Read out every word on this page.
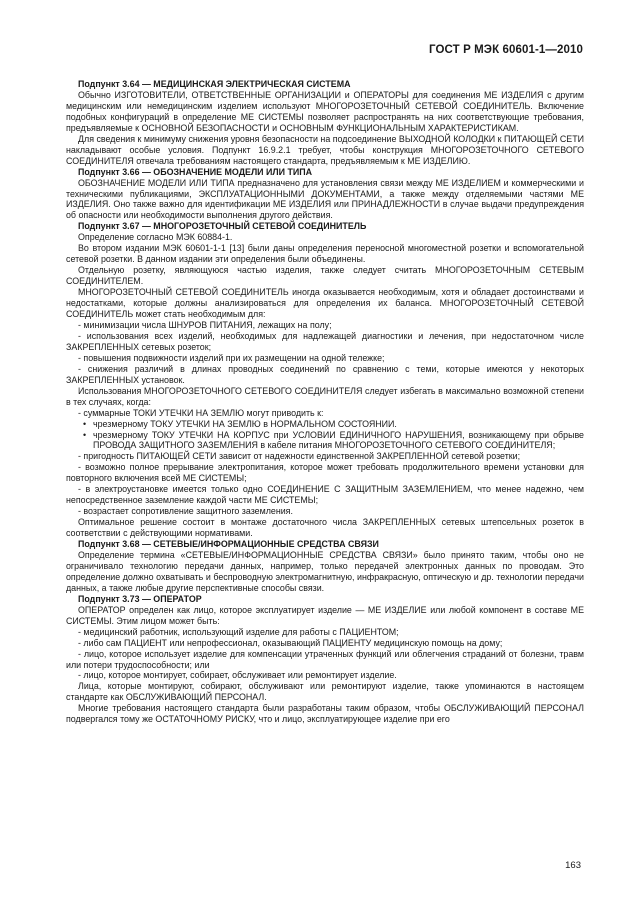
ГОСТ Р МЭК 60601-1—2010

Подпункт 3.64 — МЕДИЦИНСКАЯ ЭЛЕКТРИЧЕСКАЯ СИСТЕМА

Обычно ИЗГОТОВИТЕЛИ, ОТВЕТСТВЕННЫЕ ОРГАНИЗАЦИИ и ОПЕРАТОРЫ для соединения МЕ ИЗДЕЛИЯ с другим медицинским или немедицинским изделием используют МНОГОРОЗЕТОЧНЫЙ СЕТЕВОЙ СОЕДИНИТЕЛЬ. Включение подобных конфигураций в определение МЕ СИСТЕМЫ позволяет распространять на них соответствующие требования, предъявляемые к ОСНОВНОЙ БЕЗОПАСНОСТИ и ОСНОВНЫМ ФУНКЦИОНАЛЬНЫМ ХАРАКТЕРИСТИКАМ.

Для сведения к минимуму снижения уровня безопасности на подсоединение ВЫХОДНОЙ КОЛОДКИ к ПИТАЮЩЕЙ СЕТИ накладывают особые условия. Подпункт 16.9.2.1 требует, чтобы конструкция МНОГОРОЗЕТОЧНОГО СЕТЕВОГО СОЕДИНИТЕЛЯ отвечала требованиям настоящего стандарта, предъявляемым к МЕ ИЗДЕЛИЮ.

Подпункт 3.66 — ОБОЗНАЧЕНИЕ МОДЕЛИ ИЛИ ТИПА

ОБОЗНАЧЕНИЕ МОДЕЛИ ИЛИ ТИПА предназначено для установления связи между МЕ ИЗДЕЛИЕМ и коммерческими и техническими публикациями, ЭКСПЛУАТАЦИОННЫМИ ДОКУМЕНТАМИ, а также между отделяемыми частями МЕ ИЗДЕЛИЯ. Оно также важно для идентификации МЕ ИЗДЕЛИЯ или ПРИНАДЛЕЖНОСТИ в случае выдачи предупреждения об опасности или необходимости выполнения другого действия.

Подпункт 3.67 — МНОГОРОЗЕТОЧНЫЙ СЕТЕВОЙ СОЕДИНИТЕЛЬ

Определение согласно МЭК 60884-1.

Во втором издании МЭК 60601-1-1 [13] были даны определения переносной многоместной розетки и вспомогательной сетевой розетки. В данном издании эти определения были объединены.

Отдельную розетку, являющуюся частью изделия, также следует считать МНОГОРОЗЕТОЧНЫМ СЕТЕВЫМ СОЕДИНИТЕЛЕМ.

МНОГОРОЗЕТОЧНЫЙ СЕТЕВОЙ СОЕДИНИТЕЛЬ иногда оказывается необходимым, хотя и обладает достоинствами и недостатками, которые должны анализироваться для определения их баланса. МНОГОРОЗЕТОЧНЫЙ СЕТЕВОЙ СОЕДИНИТЕЛЬ может стать необходимым для:

- минимизации числа ШНУРОВ ПИТАНИЯ, лежащих на полу;

- использования всех изделий, необходимых для надлежащей диагностики и лечения, при недостаточном числе ЗАКРЕПЛЕННЫХ сетевых розеток;

- повышения подвижности изделий при их размещении на одной тележке;

- снижения различий в длинах проводных соединений по сравнению с теми, которые имеются у некоторых ЗАКРЕПЛЕННЫХ установок.

Использования МНОГОРОЗЕТОЧНОГО СЕТЕВОГО СОЕДИНИТЕЛЯ следует избегать в максимально возможной степени в тех случаях, когда:

- суммарные ТОКИ УТЕЧКИ НА ЗЕМЛЮ могут приводить к:

• чрезмерному ТОКУ УТЕЧКИ НА ЗЕМЛЮ в НОРМАЛЬНОМ СОСТОЯНИИ.

• чрезмерному ТОКУ УТЕЧКИ НА КОРПУС при УСЛОВИИ ЕДИНИЧНОГО НАРУШЕНИЯ, возникающему при обрыве ПРОВОДА ЗАЩИТНОГО ЗАЗЕМЛЕНИЯ в кабеле питания МНОГОРОЗЕТОЧНОГО СЕТЕВОГО СОЕДИНИТЕЛЯ;

- пригодность ПИТАЮЩЕЙ СЕТИ зависит от надежности единственной ЗАКРЕПЛЕННОЙ сетевой розетки;

- возможно полное прерывание электропитания, которое может требовать продолжительного времени установки для повторного включения всей МЕ СИСТЕМЫ;

- в электроустановке имеется только одно СОЕДИНЕНИЕ С ЗАЩИТНЫМ ЗАЗЕМЛЕНИЕМ, что менее надежно, чем непосредственное заземление каждой части МЕ СИСТЕМЫ;

- возрастает сопротивление защитного заземления.

Оптимальное решение состоит в монтаже достаточного числа ЗАКРЕПЛЕННЫХ сетевых штепсельных розеток в соответствии с действующими нормативами.

Подпункт 3.68 — СЕТЕВЫЕ/ИНФОРМАЦИОННЫЕ СРЕДСТВА СВЯЗИ

Определение термина «СЕТЕВЫЕ/ИНФОРМАЦИОННЫЕ СРЕДСТВА СВЯЗИ» было принято таким, чтобы оно не ограничивало технологию передачи данных, например, только передачей электронных данных по проводам. Это определение должно охватывать и беспроводную электромагнитную, инфракрасную, оптическую и др. технологии передачи данных, а также любые другие перспективные способы связи.

Подпункт 3.73 — ОПЕРАТОР

ОПЕРАТОР определен как лицо, которое эксплуатирует изделие — МЕ ИЗДЕЛИЕ или любой компонент в составе МЕ СИСТЕМЫ. Этим лицом может быть:

- медицинский работник, использующий изделие для работы с ПАЦИЕНТОМ;

- либо сам ПАЦИЕНТ или непрофессионал, оказывающий ПАЦИЕНТУ медицинскую помощь на дому;

- лицо, которое использует изделие для компенсации утраченных функций или облегчения страданий от болезни, травм или потери трудоспособности; или

- лицо, которое монтирует, собирает, обслуживает или ремонтирует изделие.

Лица, которые монтируют, собирают, обслуживают или ремонтируют изделие, также упоминаются в настоящем стандарте как ОБСЛУЖИВАЮЩИЙ ПЕРСОНАЛ.

Многие требования настоящего стандарта были разработаны таким образом, чтобы ОБСЛУЖИВАЮЩИЙ ПЕРСОНАЛ подвергался тому же ОСТАТОЧНОМУ РИСКУ, что и лицо, эксплуатирующее изделие при его

163
